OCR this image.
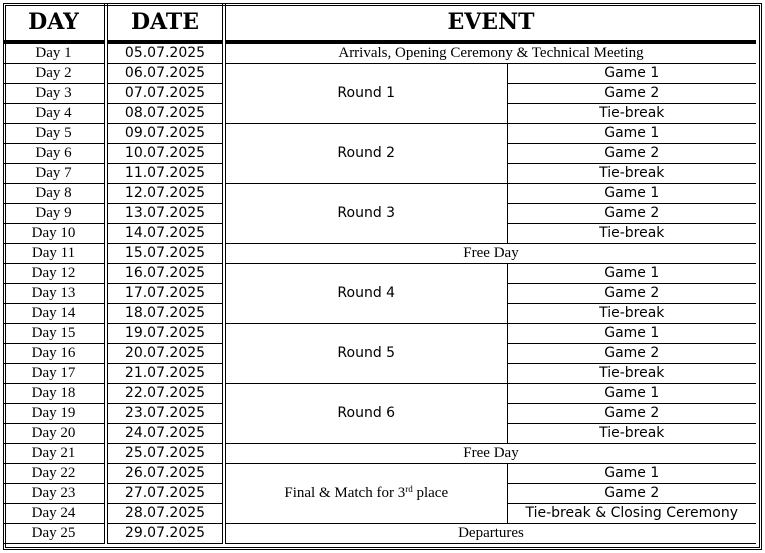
DAY	DATE	EVENT	
Day 1	05.07.2025	Arrivals, Opening Ceremony & Technical Meeting	
Day 2	06.07.2025	Round 1	Game 1
Day 3	07.07.2025		Game 2
Day 4	08.07.2025		Tie-break
Day 5	09.07.2025	Round 2	Game 1
Day 6	10.07.2025		Game 2
Day 7	11.07.2025		Tie-break
Day 8	12.07.2025	Round 3	Game 1
Day 9	13.07.2025		Game 2
Day 10	14.07.2025		Tie-break
Day 11	15.07.2025	Free Day	
Day 12	16.07.2025	Round 4	Game 1
Day 13	17.07.2025		Game 2
Day 14	18.07.2025		Tie-break
Day 15	19.07.2025	Round 5	Game 1
Day 16	20.07.2025		Game 2
Day 17	21.07.2025		Tie-break
Day 18	22.07.2025	Round 6	Game 1
Day 19	23.07.2025		Game 2
Day 20	24.07.2025		Tie-break
Day 21	25.07.2025	Free Day	
Day 22	26.07.2025	Final & Match for 3rd place	Game 1
Day 23	27.07.2025		Game 2
Day 24	28.07.2025		Tie-break & Closing Ceremony
Day 25	29.07.2025	Departures	
